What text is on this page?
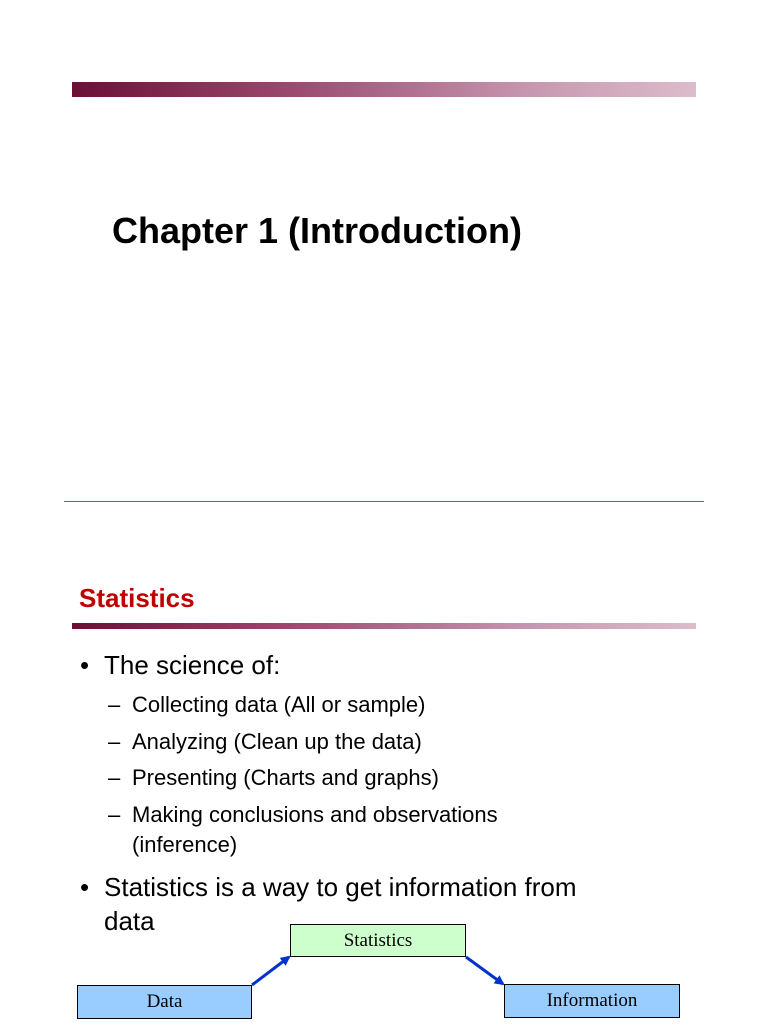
Chapter 1 (Introduction)
Statistics
• The science of:
– Collecting data (All or sample)
– Analyzing (Clean up the data)
– Presenting (Charts and graphs)
– Making conclusions and observations
(inference)
• Statistics is a way to get information from
data
Statistics
Data	Information
